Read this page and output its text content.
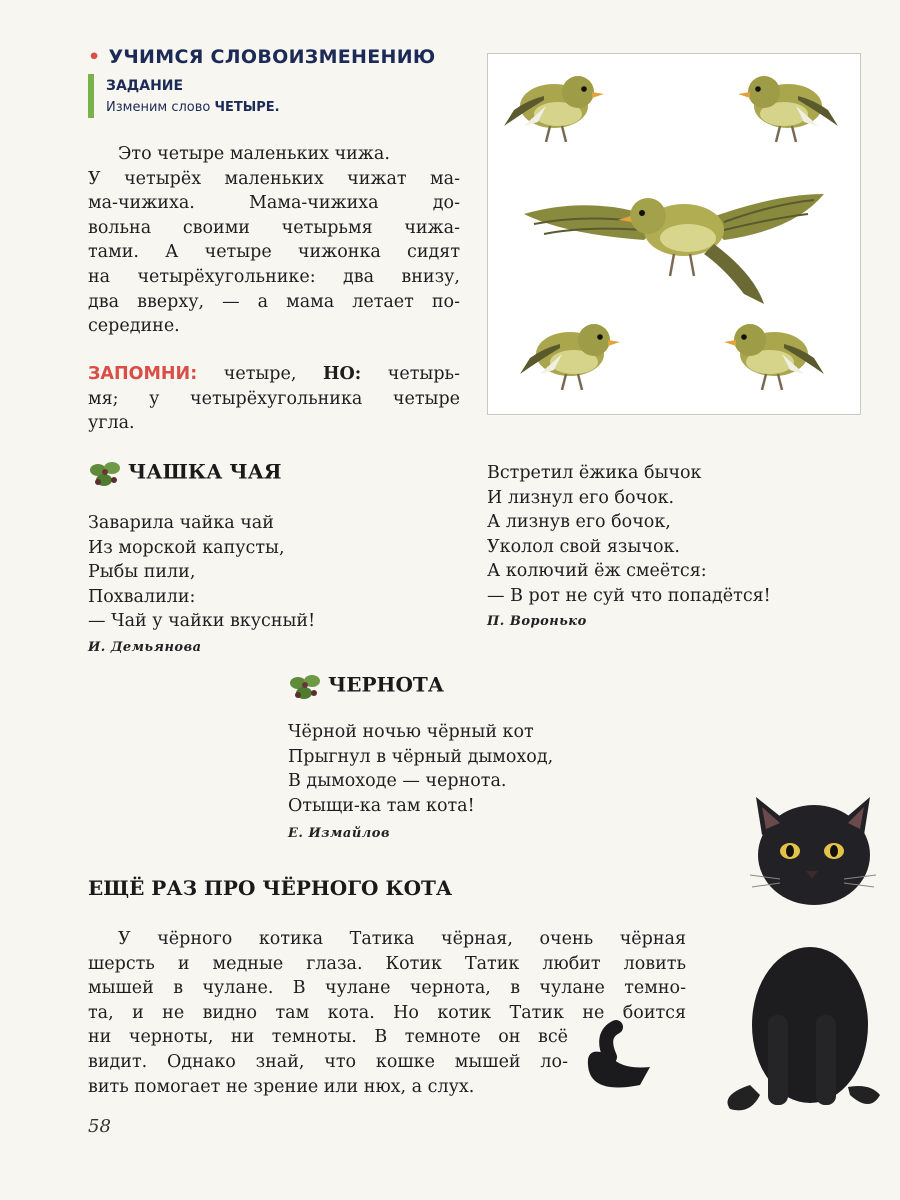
• УЧИМСЯ СЛОВОИЗМЕНЕНИЮ
ЗАДАНИЕ
Изменим слово ЧЕТЫРЕ.
Это четыре маленьких чижа.
У четырёх маленьких чижат ма-
ма-чижиха. Мама-чижиха до-
вольна своими четырьмя чижа-
тами. А четыре чижонка сидят
на четырёхугольнике: два внизу,
два вверху, — а мама летает по-
середине.
ЗАПОМНИ: четыре, НО: четырь-
мя; у четырёхугольника четыре
угла.
ЧАШКА ЧАЯ
Заварила чайка чай
Из морской капусты,
Рыбы пили,
Похвалили:
— Чай у чайки вкусный!
И. Демьянова
Встретил ёжика бычок
И лизнул его бочок.
А лизнув его бочок,
Уколол свой язычок.
А колючий ёж смеётся:
— В рот не суй что попадётся!
П. Воронько
ЧЕРНОТА
Чёрной ночью чёрный кот
Прыгнул в чёрный дымоход,
В дымоходе — чернота.
Отыщи-ка там кота!
Е. Измайлов
ЕЩЁ РАЗ ПРО ЧЁРНОГО КОТА
У чёрного котика Татика чёрная, очень чёрная
шерсть и медные глаза. Котик Татик любит ловить
мышей в чулане. В чулане чернота, в чулане темно-
та, и не видно там кота. Но котик Татик не боится
ни черноты, ни темноты. В темноте он всё
видит. Однако знай, что кошке мышей ло-
вить помогает не зрение или нюх, а слух.
58
